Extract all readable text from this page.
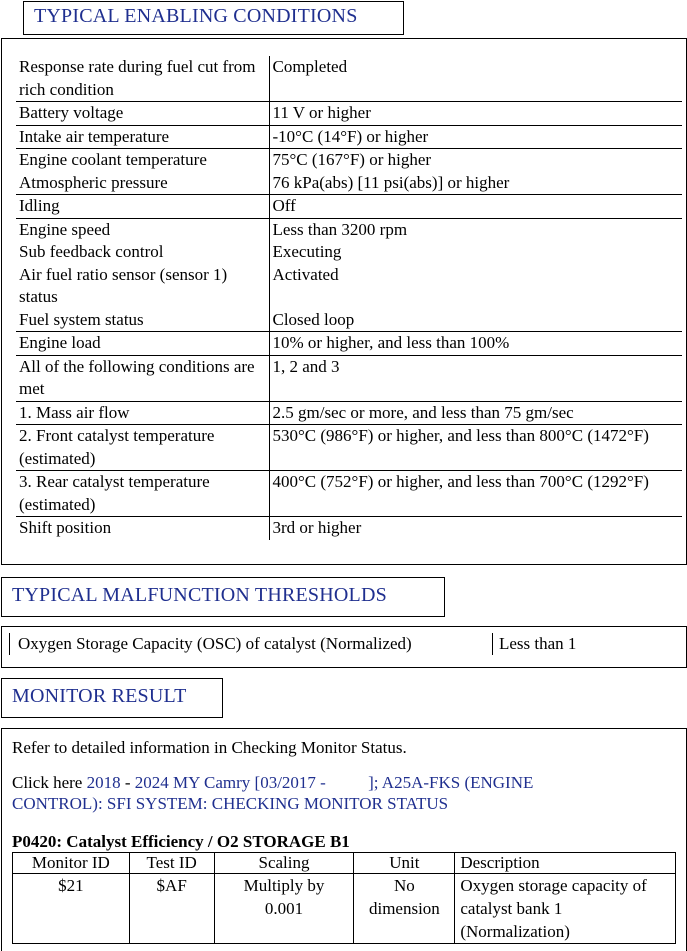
TYPICAL ENABLING CONDITIONS
Response rate during fuel cut from rich condition	Completed
Battery voltage	11 V or higher
Intake air temperature	-10°C (14°F) or higher
Engine coolant temperature	75°C (167°F) or higher
Atmospheric pressure	76 kPa(abs) [11 psi(abs)] or higher
Idling	Off
Engine speed	Less than 3200 rpm
Sub feedback control	Executing
Air fuel ratio sensor (sensor 1) status	Activated
Fuel system status	Closed loop
Engine load	10% or higher, and less than 100%
All of the following conditions are met	1, 2 and 3
1. Mass air flow	2.5 gm/sec or more, and less than 75 gm/sec
2. Front catalyst temperature (estimated)	530°C (986°F) or higher, and less than 800°C (1472°F)
3. Rear catalyst temperature (estimated)	400°C (752°F) or higher, and less than 700°C (1292°F)
Shift position	3rd or higher
TYPICAL MALFUNCTION THRESHOLDS
Oxygen Storage Capacity (OSC) of catalyst (Normalized)	Less than 1
MONITOR RESULT
Refer to detailed information in Checking Monitor Status.
Click here 2018 - 2024 MY Camry [03/2017 - ]; A25A-FKS (ENGINE
CONTROL): SFI SYSTEM: CHECKING MONITOR STATUS
P0420: Catalyst Efficiency / O2 STORAGE B1
Monitor ID	Test ID	Scaling	Unit	Description
$21	$AF	Multiply by 0.001	No dimension	Oxygen storage capacity of catalyst bank 1 (Normalization)
